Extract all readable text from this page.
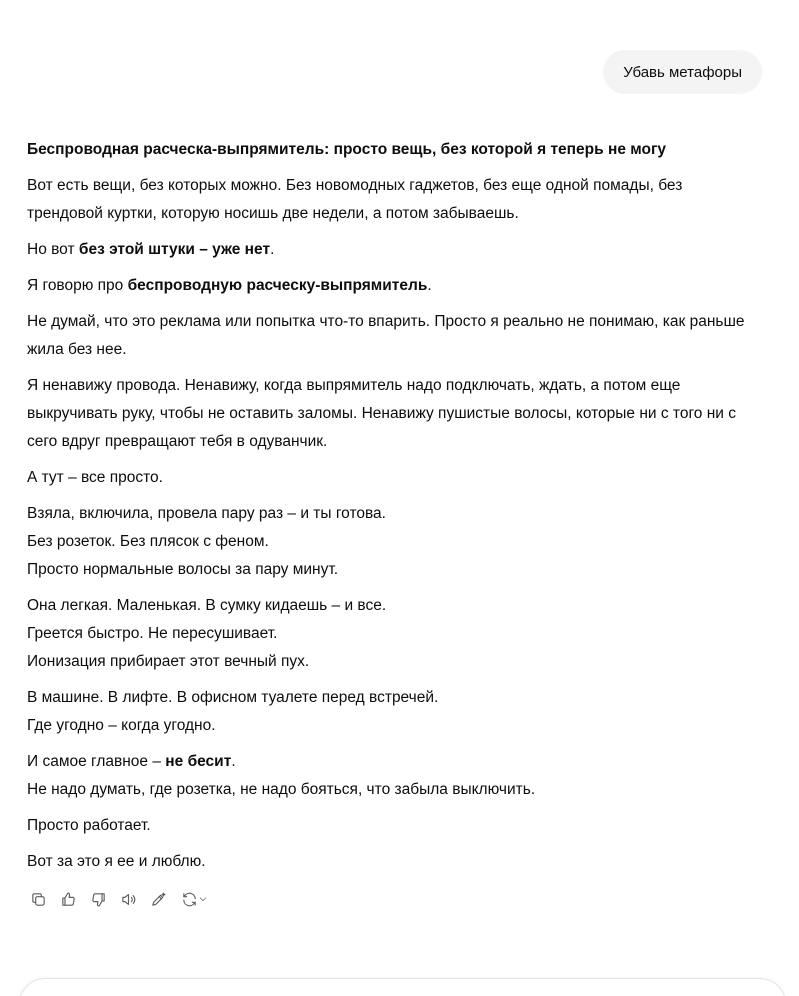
Убавь метафоры

Беспроводная расческа-выпрямитель: просто вещь, без которой я теперь не могу

Вот есть вещи, без которых можно. Без новомодных гаджетов, без еще одной помады, без трендовой куртки, которую носишь две недели, а потом забываешь.

Но вот без этой штуки – уже нет.

Я говорю про беспроводную расческу-выпрямитель.

Не думай, что это реклама или попытка что-то впарить. Просто я реально не понимаю, как раньше жила без нее.

Я ненавижу провода. Ненавижу, когда выпрямитель надо подключать, ждать, а потом еще выкручивать руку, чтобы не оставить заломы. Ненавижу пушистые волосы, которые ни с того ни с сего вдруг превращают тебя в одуванчик.

А тут – все просто.

Взяла, включила, провела пару раз – и ты готова.
Без розеток. Без плясок с феном.
Просто нормальные волосы за пару минут.

Она легкая. Маленькая. В сумку кидаешь – и все.
Греется быстро. Не пересушивает.
Ионизация прибирает этот вечный пух.

В машине. В лифте. В офисном туалете перед встречей.
Где угодно – когда угодно.

И самое главное – не бесит.
Не надо думать, где розетка, не надо бояться, что забыла выключить.

Просто работает.

Вот за это я ее и люблю.
